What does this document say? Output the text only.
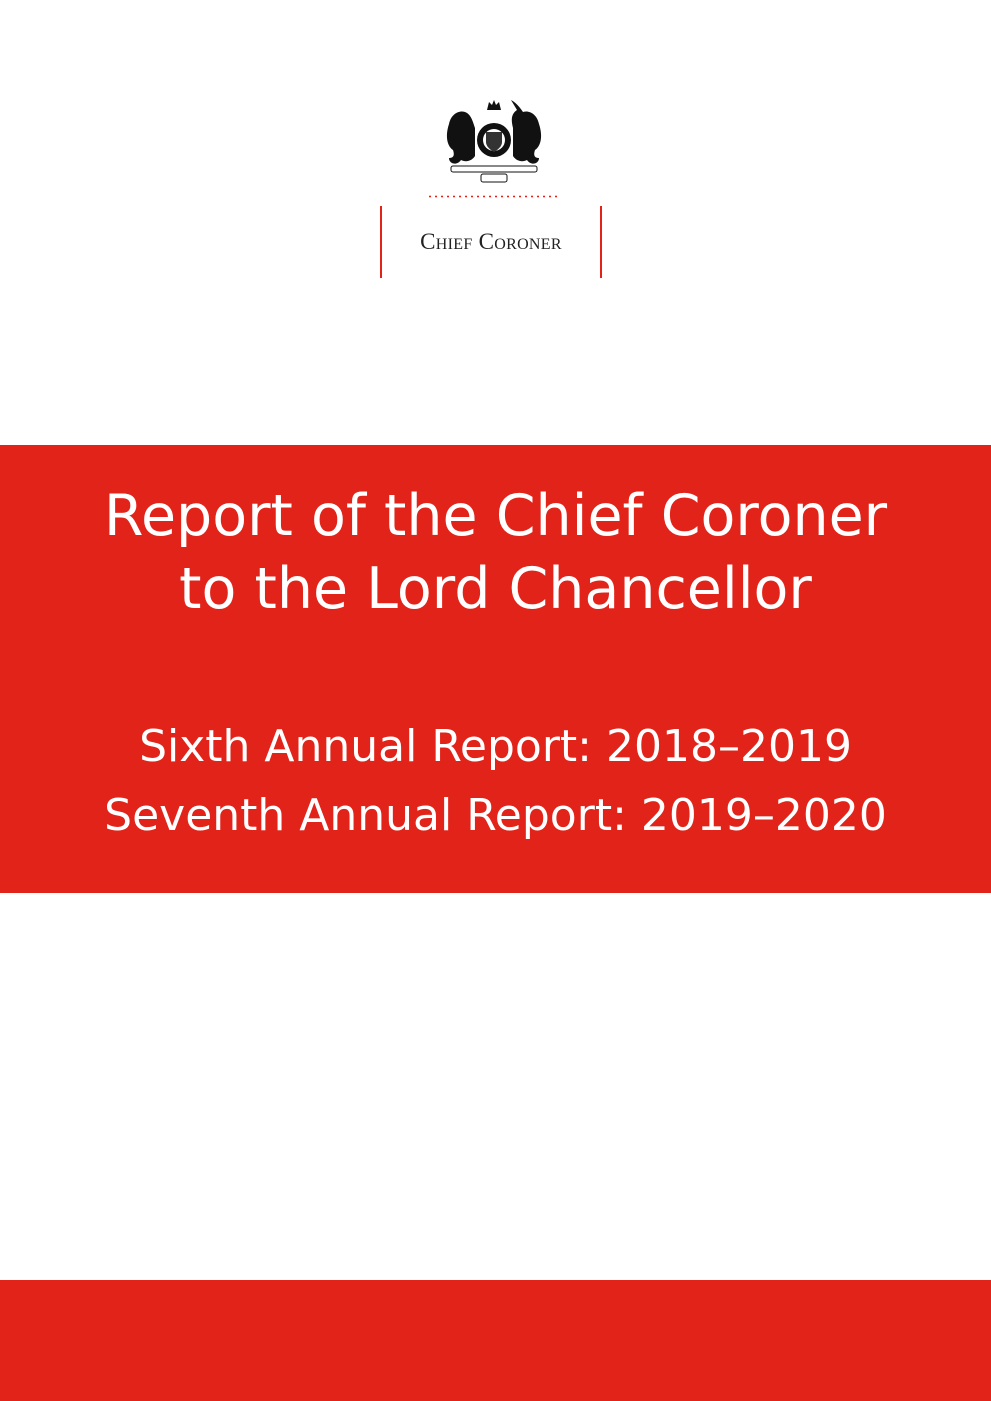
Chief Coroner
Report of the Chief Coroner
to the Lord Chancellor
Sixth Annual Report: 2018–2019
Seventh Annual Report: 2019–2020
